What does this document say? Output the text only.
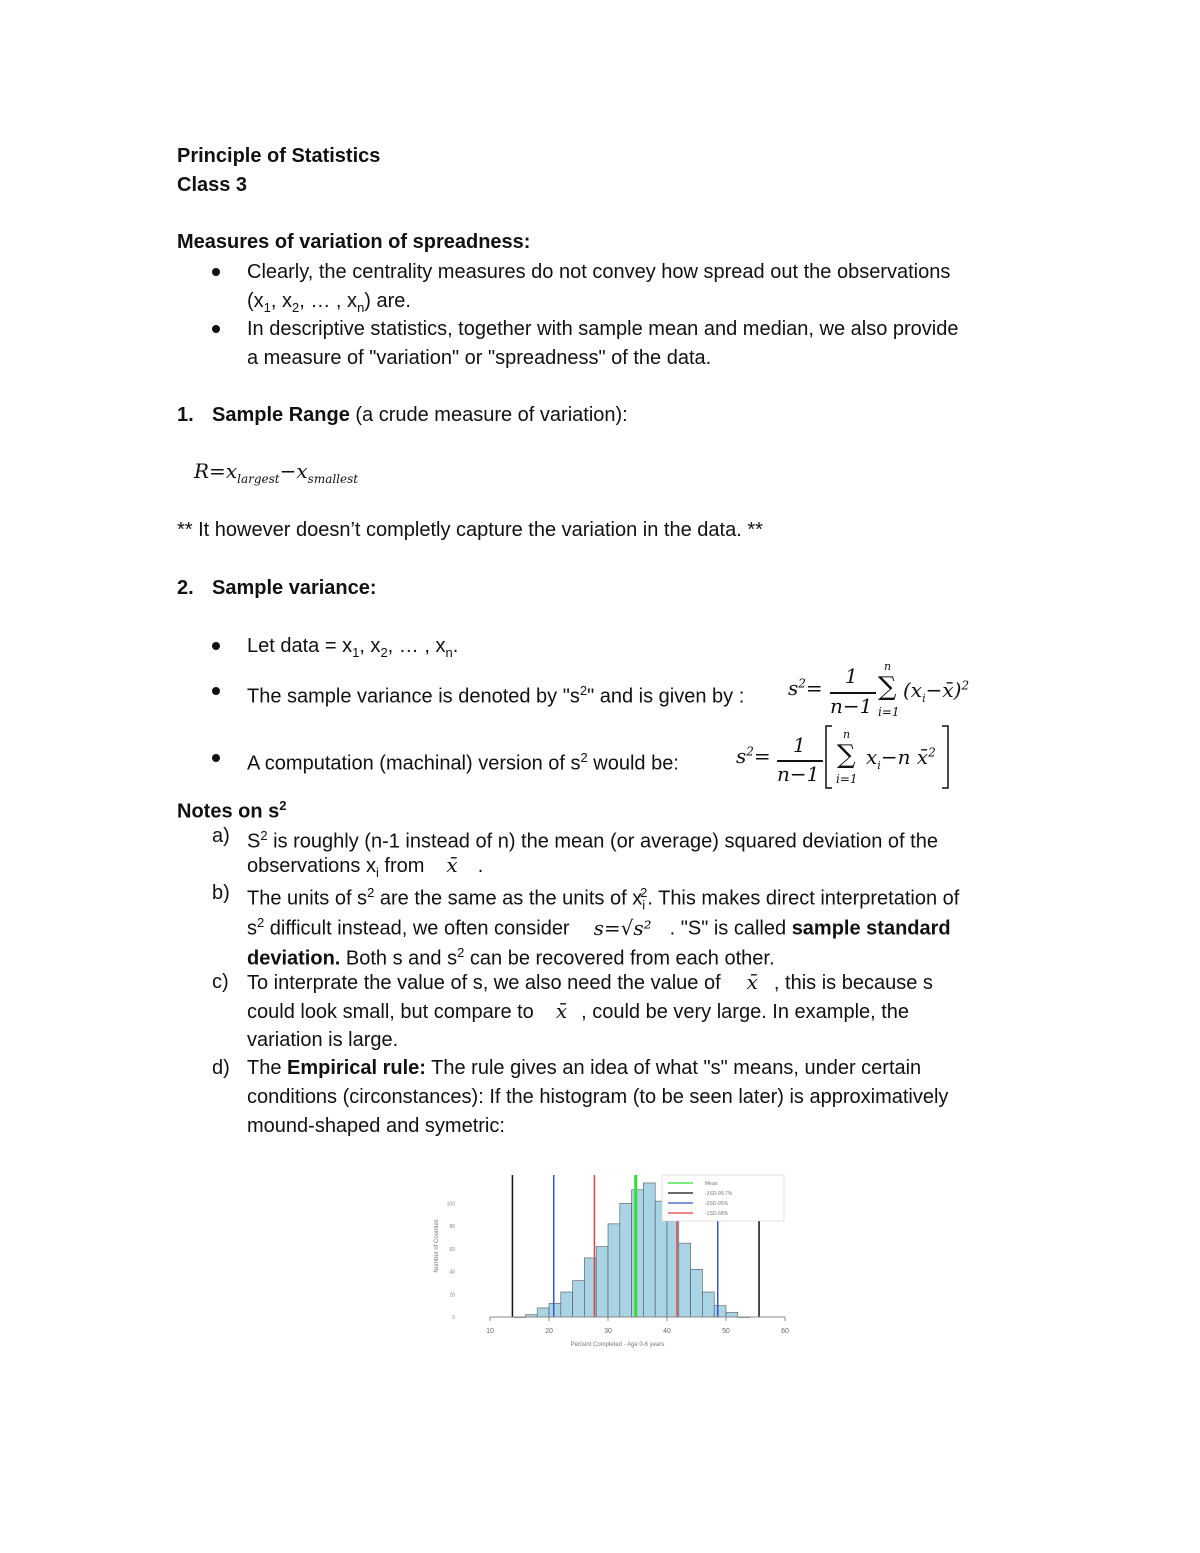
Principle of Statistics
Class 3
Measures of variation of spreadness:
Clearly, the centrality measures do not convey how spread out the observations
($x_1$, $x_2$, … , $x_n$) are.
In descriptive statistics, together with sample mean and median, we also provide
a measure of "variation" or "spreadness" of the data.
1. Sample Range (a crude measure of variation):
$R=x_{largest}-x_{smallest}$
** It however doesn’t completly capture the variation in the data. **
2. Sample variance:
Let data = $x_1$, $x_2$, … , $x_n$.
The sample variance is denoted by "$s^2$" and is given by : $s^2= 1$
n−1
n
∑
i=1
$(x_i-x̄)^2$
A computation (machinal) version of $s^2$ would be:	$s^2= 1$
n−1
n
∑
i=1
$x_i-n$ x̄$^2$
Notes on $s^2$
a) $S^2$ is roughly (n-1 instead of n) the mean (or average) squared deviation of the
observations $x_i$ from x̄ .
b) The units of $s^2$ are the same as the units of $x_i^2$. This makes direct interpretation of
$s^2$ difficult instead, we often consider s=√s² . "S" is called sample standard
deviation. Both s and $s^2$ can be recovered from each other.
c) To interprate the value of s, we also need the value of x̄ , this is because s
could look small, but compare to x̄ , could be very large. In example, the
variation is large.
d) The Empirical rule: The rule gives an idea of what "s" means, under certain
conditions (circonstances): If the histogram (to be seen later) is approximatively
mound-shaped and symetric:
10	20	30	40	50	60
0
20
40
60
80
100
Percent Completed - Age 0-6 years
Number of Counties
Mean
-3SD-99.7%
-2SD-95%
-1SD-68%
